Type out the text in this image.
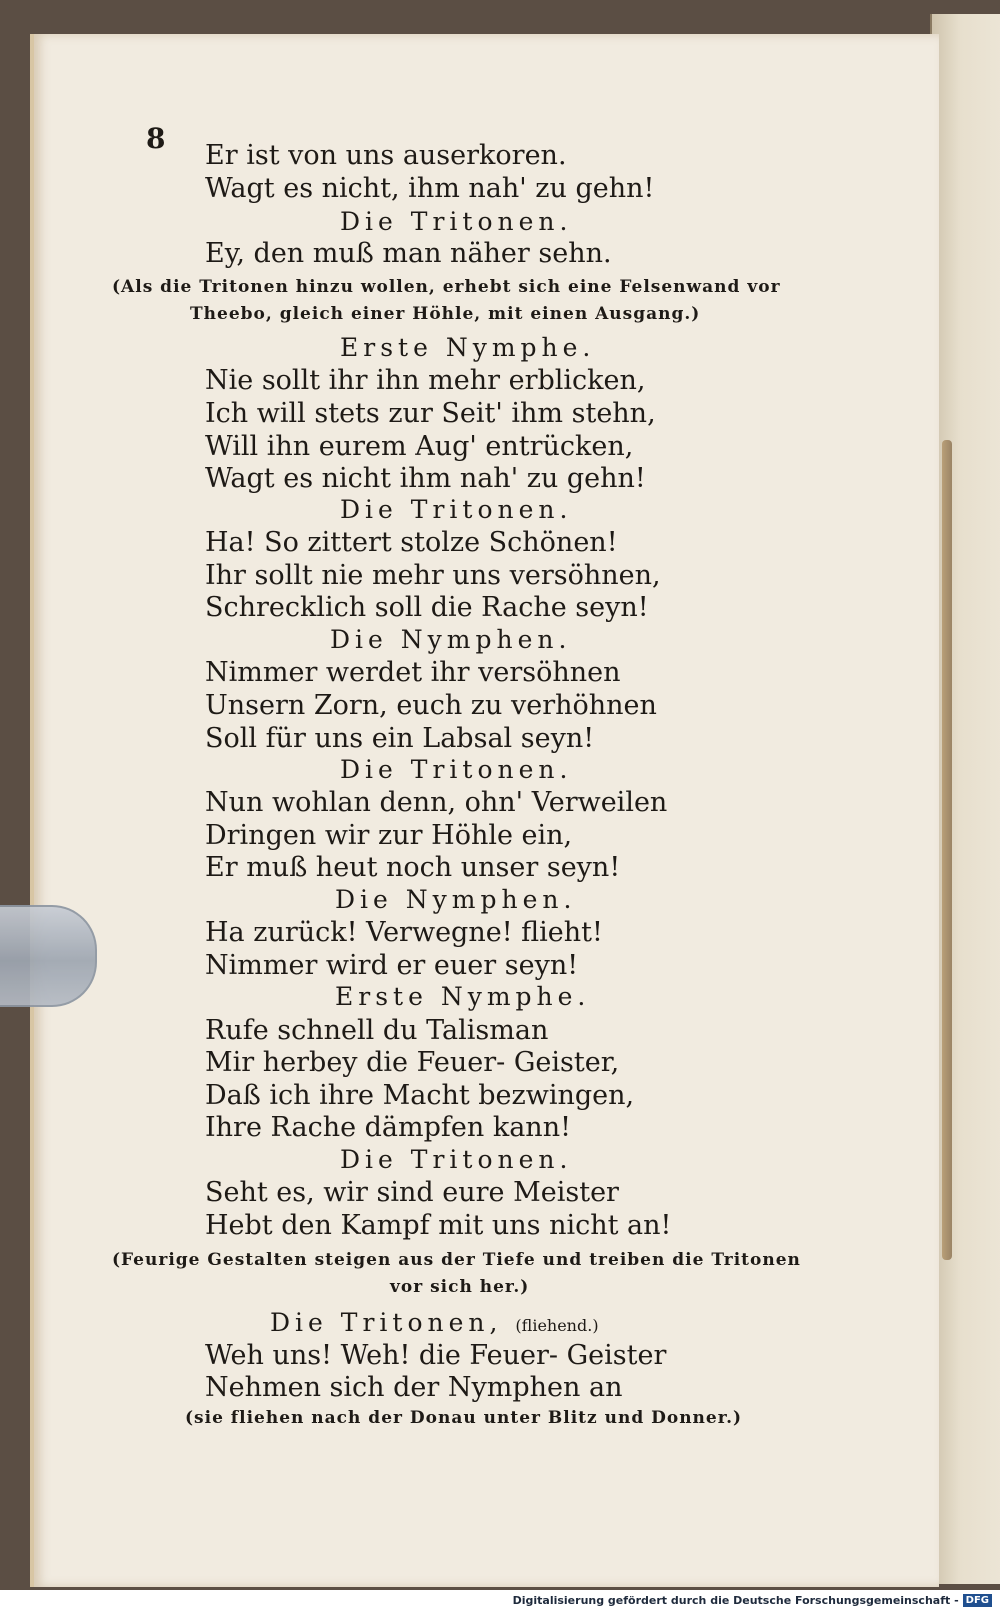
8
Er ist von uns auserkoren.
Wagt es nicht, ihm nah' zu gehn!
Die Tritonen.
Ey, den muß man näher sehn.
(Als die Tritonen hinzu wollen, erhebt sich eine Felsenwand vor
Theebo, gleich einer Höhle, mit einen Ausgang.)
Erste Nymphe.
Nie sollt ihr ihn mehr erblicken,
Ich will stets zur Seit' ihm stehn,
Will ihn eurem Aug' entrücken,
Wagt es nicht ihm nah' zu gehn!
Die Tritonen.
Ha! So zittert stolze Schönen!
Ihr sollt nie mehr uns versöhnen,
Schrecklich soll die Rache seyn!
Die Nymphen.
Nimmer werdet ihr versöhnen
Unsern Zorn, euch zu verhöhnen
Soll für uns ein Labsal seyn!
Die Tritonen.
Nun wohlan denn, ohn' Verweilen
Dringen wir zur Höhle ein,
Er muß heut noch unser seyn!
Die Nymphen.
Ha zurück! Verwegne! flieht!
Nimmer wird er euer seyn!
Erste Nymphe.
Rufe schnell du Talisman
Mir herbey die Feuer- Geister,
Daß ich ihre Macht bezwingen,
Ihre Rache dämpfen kann!
Die Tritonen.
Seht es, wir sind eure Meister
Hebt den Kampf mit uns nicht an!
(Feurige Gestalten steigen aus der Tiefe und treiben die Tritonen
vor sich her.)
Die Tritonen, (fliehend.)
Weh uns! Weh! die Feuer- Geister
Nehmen sich der Nymphen an
(sie fliehen nach der Donau unter Blitz und Donner.)
Digitalisierung gefördert durch die Deutsche Forschungsgemeinschaft - DFG
